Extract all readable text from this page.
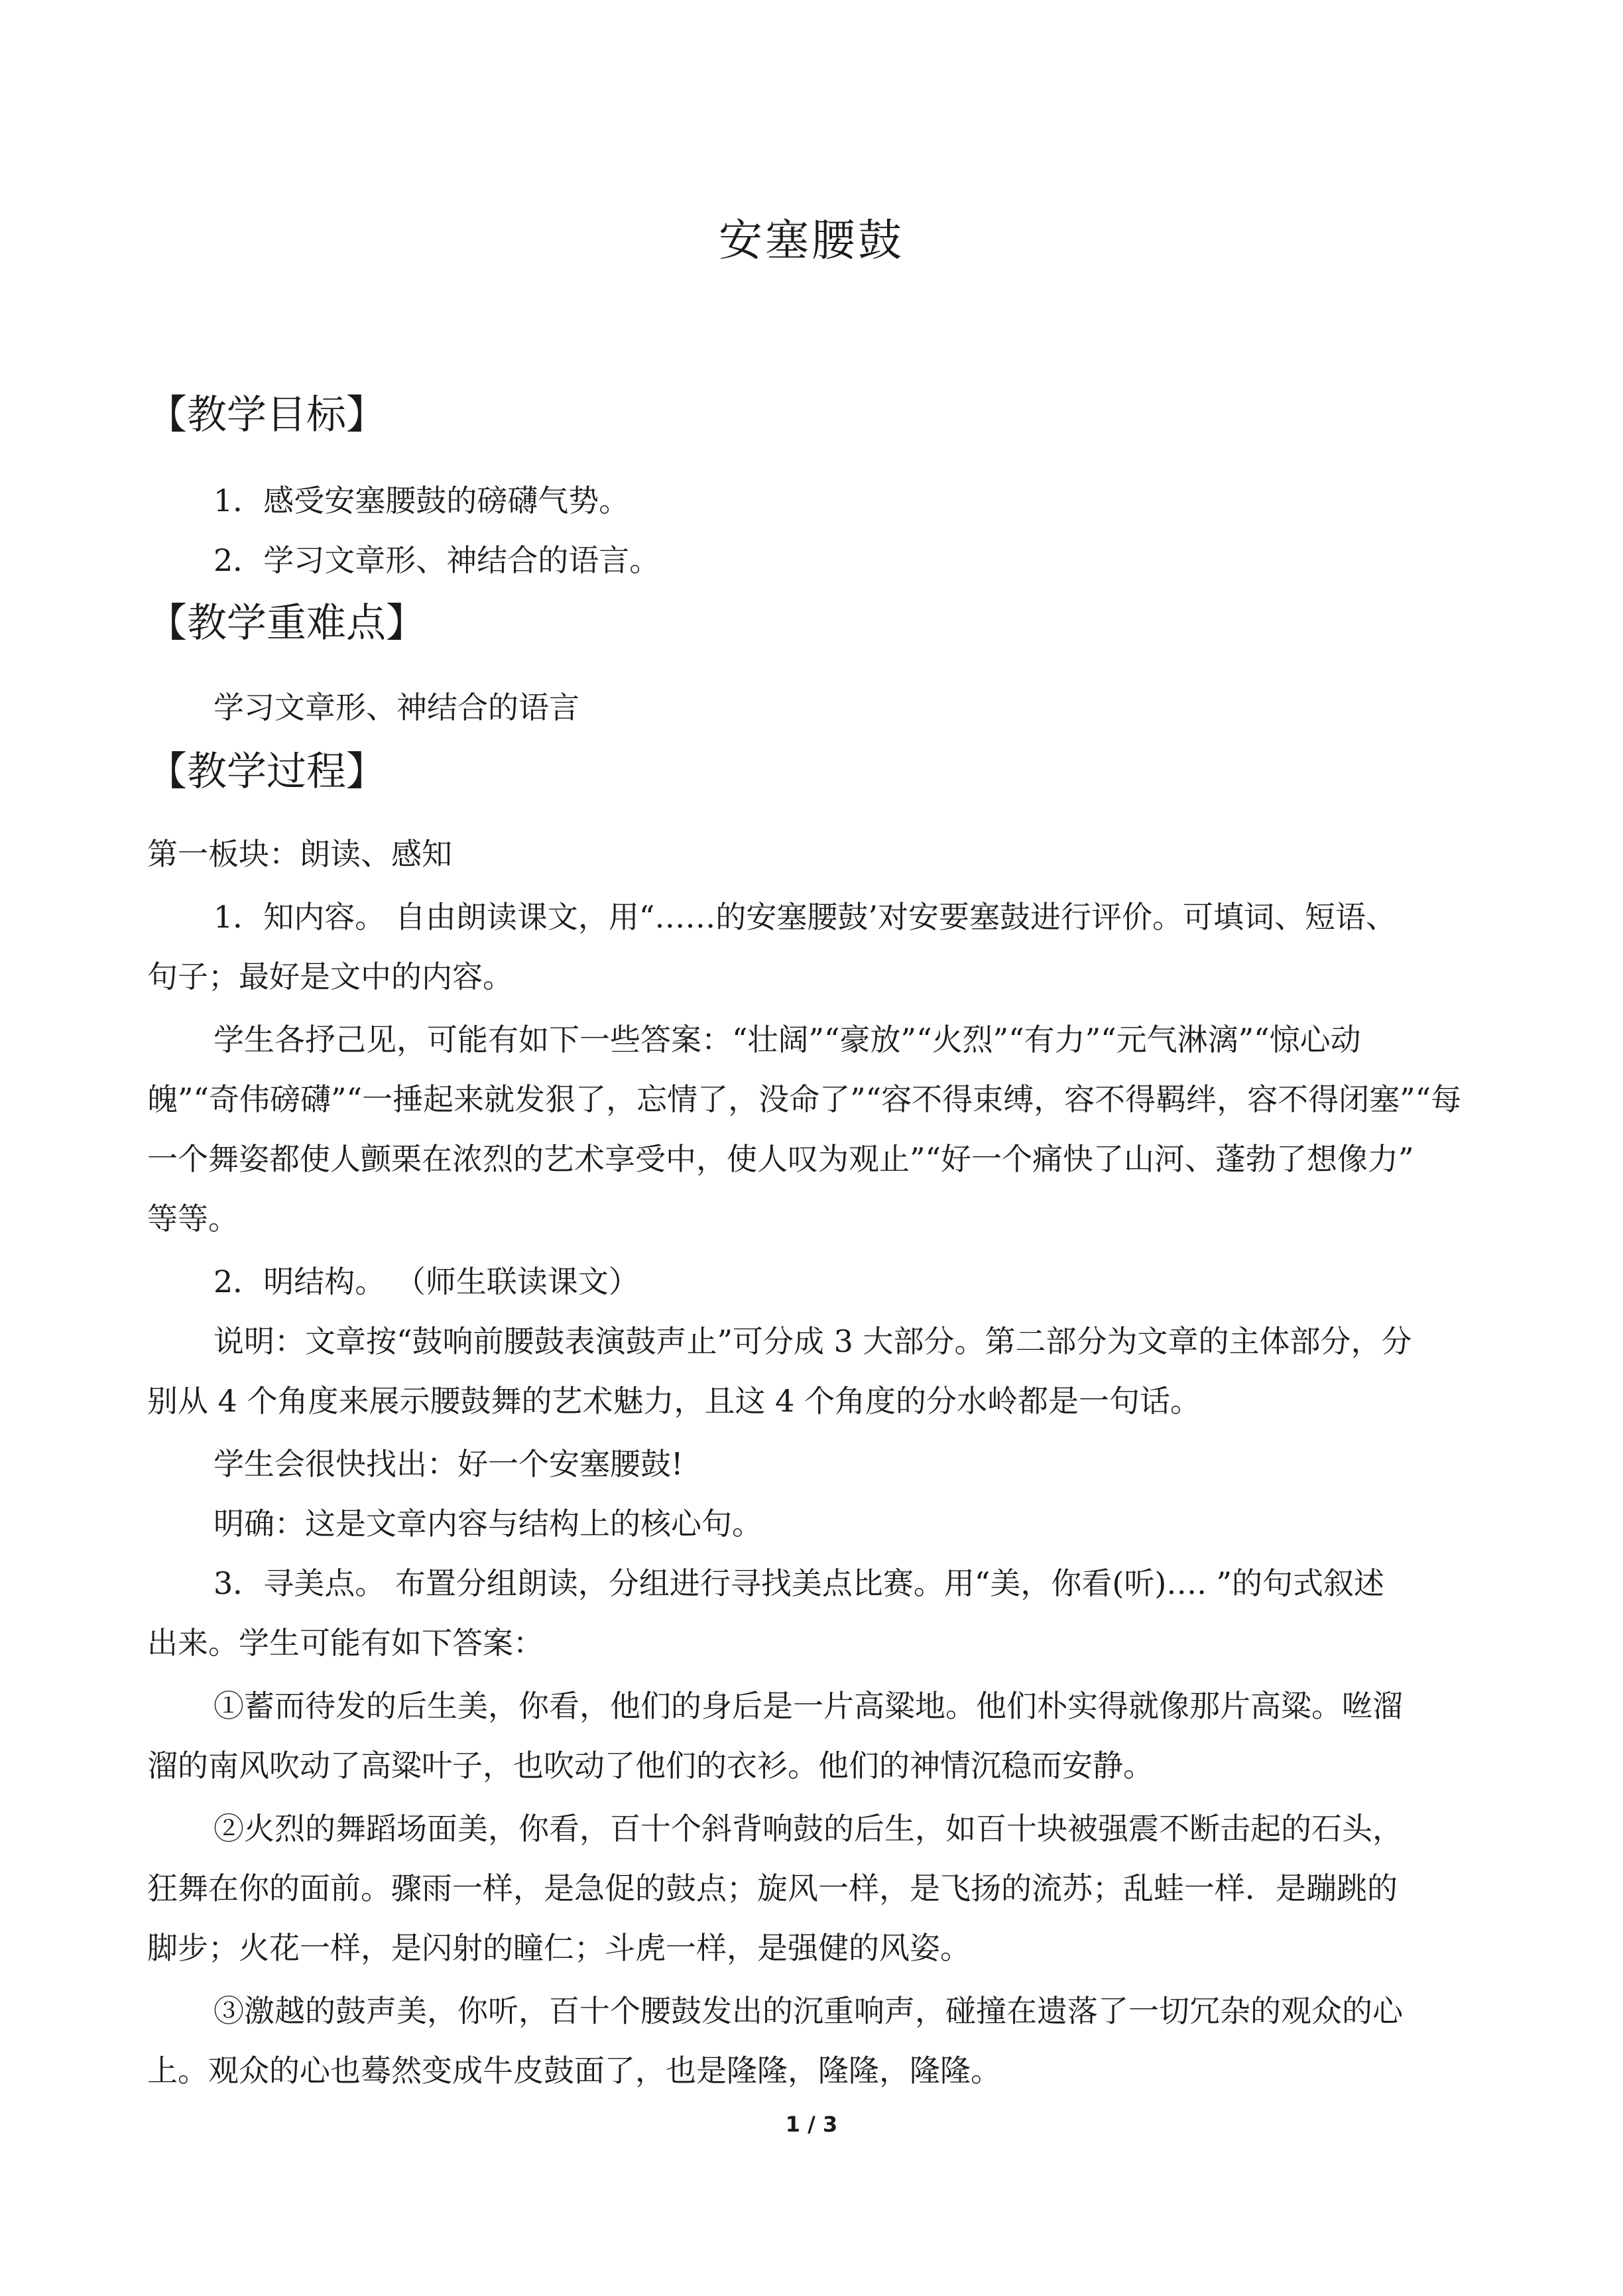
安塞腰鼓
【教学目标】

1．感受安塞腰鼓的磅礴气势。

2．学习文章形、神结合的语言。

【教学重难点】

学习文章形、神结合的语言

【教学过程】

第一板块：朗读、感知

1．知内容。 自由朗读课文，用“……的安塞腰鼓’对安要塞鼓进行评价。可填词、短语、

句子；最好是文中的内容。

学生各抒己见，可能有如下一些答案：“壮阔”“豪放”“火烈”“有力”“元气淋漓”“惊心动

魄”“奇伟磅礴”“一捶起来就发狠了，忘情了，没命了”“容不得束缚，容不得羁绊，容不得闭塞”“每

一个舞姿都使人颤栗在浓烈的艺术享受中，使人叹为观止”“好一个痛快了山河、蓬勃了想像力”

等等。

2．明结构。 （师生联读课文）

说明：文章按“鼓响前腰鼓表演鼓声止”可分成 3 大部分。第二部分为文章的主体部分，分

别从 4 个角度来展示腰鼓舞的艺术魅力，且这 4 个角度的分水岭都是一句话。

学生会很快找出：好一个安塞腰鼓!

明确：这是文章内容与结构上的核心句。

3．寻美点。 布置分组朗读，分组进行寻找美点比赛。用“美，你看(听)…. ”的句式叙述

出来。学生可能有如下答案：

①蓄而待发的后生美，你看，他们的身后是一片高粱地。他们朴实得就像那片高粱。咝溜

溜的南风吹动了高粱叶子，也吹动了他们的衣衫。他们的神情沉稳而安静。

②火烈的舞蹈场面美，你看，百十个斜背响鼓的后生，如百十块被强震不断击起的石头，

狂舞在你的面前。骤雨一样，是急促的鼓点；旋风一样，是飞扬的流苏；乱蛙一样．是蹦跳的

脚步；火花一样，是闪射的瞳仁；斗虎一样，是强健的风姿。

③激越的鼓声美，你听，百十个腰鼓发出的沉重响声，碰撞在遗落了一切冗杂的观众的心

上。观众的心也蓦然变成牛皮鼓面了，也是隆隆，隆隆，隆隆。

1 / 3
